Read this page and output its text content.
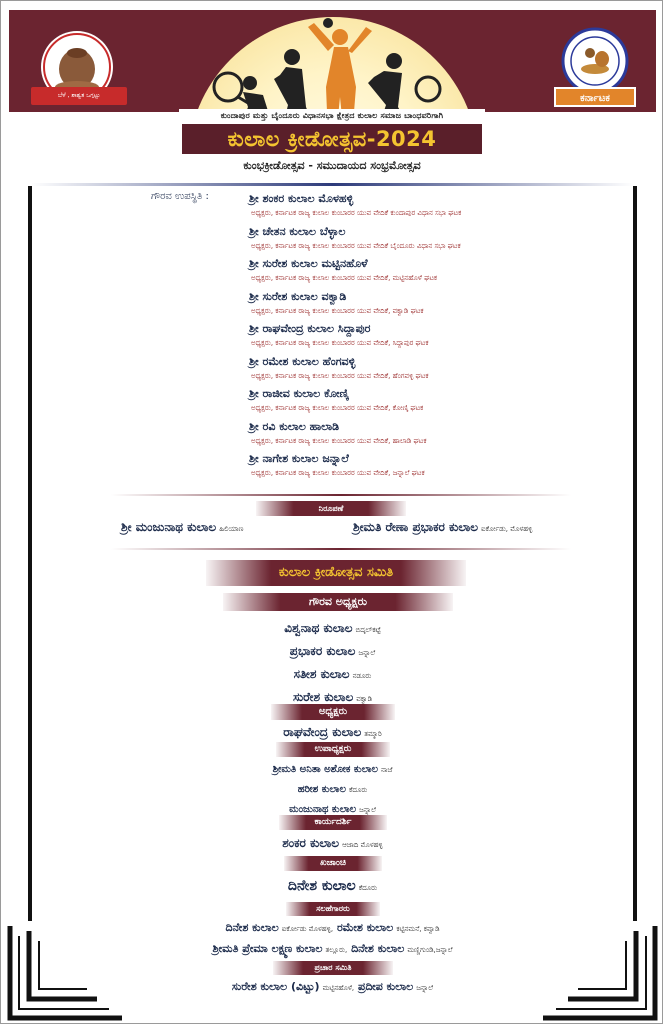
ಬೆಳೆ , ಶಾಶ್ವತ ಒಗ್ಗಟ್ಟು	ಕರ್ನಾಟಕ
ಕುಂದಾಪುರ ಮತ್ತು ಬೈಂದೂರು ವಿಧಾನಸಭಾ ಕ್ಷೇತ್ರದ ಕುಲಾಲ ಸಮಾಜ ಬಾಂಧವರಿಗಾಗಿ
ಕುಲಾಲ ಕ್ರೀಡೋತ್ಸವ-2024
ಕುಂಭಕ್ರೀಡೋತ್ಸವ - ಸಮುದಾಯದ ಸಂಭ್ರಮೋತ್ಸವ
ಗೌರವ ಉಪಸ್ಥಿತಿ :	ಶ್ರೀ ಶಂಕರ ಕುಲಾಲ ಮೊಳಹಳ್ಳಿ
ಅಧ್ಯಕ್ಷರು, ಕರ್ನಾಟಕ ರಾಜ್ಯ ಕುಲಾಲ ಕುಂಬಾರರ ಯುವ ವೇದಿಕೆ ಕುಂದಾಪುರ ವಿಧಾನ ಸಭಾ ಘಟಕ
ಶ್ರೀ ಚೇತನ ಕುಲಾಲ ಬೆಳ್ಳಾಲ
ಅಧ್ಯಕ್ಷರು, ಕರ್ನಾಟಕ ರಾಜ್ಯ ಕುಲಾಲ ಕುಂಬಾರರ ಯುವ ವೇದಿಕೆ ಬೈಂದೂರು ವಿಧಾನ ಸಭಾ ಘಟಕ
ಶ್ರೀ ಸುರೇಶ ಕುಲಾಲ ಮಟ್ಟಿನಹೊಳೆ
ಅಧ್ಯಕ್ಷರು, ಕರ್ನಾಟಕ ರಾಜ್ಯ ಕುಲಾಲ ಕುಂಬಾರರ ಯುವ ವೇದಿಕೆ, ಮಟ್ಟಿನಹೊಳೆ ಘಟಕ
ಶ್ರೀ ಸುರೇಶ ಕುಲಾಲ ವಕ್ವಾಡಿ
ಅಧ್ಯಕ್ಷರು, ಕರ್ನಾಟಕ ರಾಜ್ಯ ಕುಲಾಲ ಕುಂಬಾರರ ಯುವ ವೇದಿಕೆ, ವಕ್ವಾಡಿ ಘಟಕ
ಶ್ರೀ ರಾಘವೇಂದ್ರ ಕುಲಾಲ ಸಿದ್ದಾಪುರ
ಅಧ್ಯಕ್ಷರು, ಕರ್ನಾಟಕ ರಾಜ್ಯ ಕುಲಾಲ ಕುಂಬಾರರ ಯುವ ವೇದಿಕೆ, ಸಿದ್ದಾಪುರ ಘಟಕ
ಶ್ರೀ ರಮೇಶ ಕುಲಾಲ ಹೆಂಗವಳ್ಳಿ
ಅಧ್ಯಕ್ಷರು, ಕರ್ನಾಟಕ ರಾಜ್ಯ ಕುಲಾಲ ಕುಂಬಾರರ ಯುವ ವೇದಿಕೆ, ಹೆಂಗವಳ್ಳಿ ಘಟಕ
ಶ್ರೀ ರಾಜೀವ ಕುಲಾಲ ಕೋಣ್ಕಿ
ಅಧ್ಯಕ್ಷರು, ಕರ್ನಾಟಕ ರಾಜ್ಯ ಕುಲಾಲ ಕುಂಬಾರರ ಯುವ ವೇದಿಕೆ, ಕೋಣ್ಕಿ ಘಟಕ
ಶ್ರೀ ರವಿ ಕುಲಾಲ ಹಾಲಾಡಿ
ಅಧ್ಯಕ್ಷರು, ಕರ್ನಾಟಕ ರಾಜ್ಯ ಕುಲಾಲ ಕುಂಬಾರರ ಯುವ ವೇದಿಕೆ, ಹಾಲಾಡಿ ಘಟಕ
ಶ್ರೀ ನಾಗೇಶ ಕುಲಾಲ ಜನ್ನಾಲೆ
ಅಧ್ಯಕ್ಷರು, ಕರ್ನಾಟಕ ರಾಜ್ಯ ಕುಲಾಲ ಕುಂಬಾರರ ಯುವ ವೇದಿಕೆ, ಜನ್ನಾಲೆ ಘಟಕ
ನಿರೂಪಣೆ
ಶ್ರೀ ಮಂಜುನಾಥ ಕುಲಾಲ ಹಿಲಿಯಾಣ	ಶ್ರೀಮತಿ ರೇಣಾ ಪ್ರಭಾಕರ ಕುಲಾಲ ಐರ್ಕೋಡು, ಮೊಳಹಳ್ಳಿ
ಕುಲಾಲ ಕ್ರೀಡೋತ್ಸವ ಸಮಿತಿ
ಗೌರವ ಅಧ್ಯಕ್ಷರು
ವಿಶ್ವನಾಥ ಕುಲಾಲ ಬಿದ್ಕಲ್‌ಕಟ್ಟೆ
ಪ್ರಭಾಕರ ಕುಲಾಲ ಜನ್ನಾಲೆ
ಸತೀಶ ಕುಲಾಲ ನಡೂರು
ಸುರೇಶ ಕುಲಾಲ ವಕ್ವಾಡಿ
ಅಧ್ಯಕ್ಷರು
ರಾಘವೇಂದ್ರ ಕುಲಾಲ ತಮ್ಮಾರಿ
ಉಪಾಧ್ಯಕ್ಷರು
ಶ್ರೀಮತಿ ಅನಿತಾ ಅಶೋಕ ಕುಲಾಲ ನಾಜೆ
ಹರೀಶ ಕುಲಾಲ ಕೆದೂರು
ಮಂಜುನಾಥ ಕುಲಾಲ ಜನ್ನಾಲೆ
ಕಾರ್ಯದರ್ಶಿ
ಶಂಕರ ಕುಲಾಲ ಆಜಾದಿ ಮೊಳಹಳ್ಳಿ
ಖಜಾಂಚಿ
ದಿನೇಶ ಕುಲಾಲ ಕೆದೂರು
ಸಲಹೆಗಾರರು
ದಿನೇಶ ಕುಲಾಲ ಐರ್ಕೋಡು ಮೊಳಹಳ್ಳಿ, ರಮೇಶ ಕುಲಾಲ ಕಟ್ಟಿನಮನೆ, ಕವ್ವಾಡಿ
ಶ್ರೀಮತಿ ಪ್ರೇಮಾ ಲಕ್ಷ್ಮಣ ಕುಲಾಲ ತಲ್ಲೂರು, ದಿನೇಶ ಕುಲಾಲ ಮಣ್ಣಿಗುಂಡಿ,ಜನ್ನಾಲೆ
ಪ್ರಚಾರ ಸಮಿತಿ
ಸುರೇಶ ಕುಲಾಲ (ವಿಟ್ಟು) ಮಟ್ಟಿನಹೊಳೆ, ಪ್ರದೀಪ ಕುಲಾಲ ಜನ್ನಾಲೆ
